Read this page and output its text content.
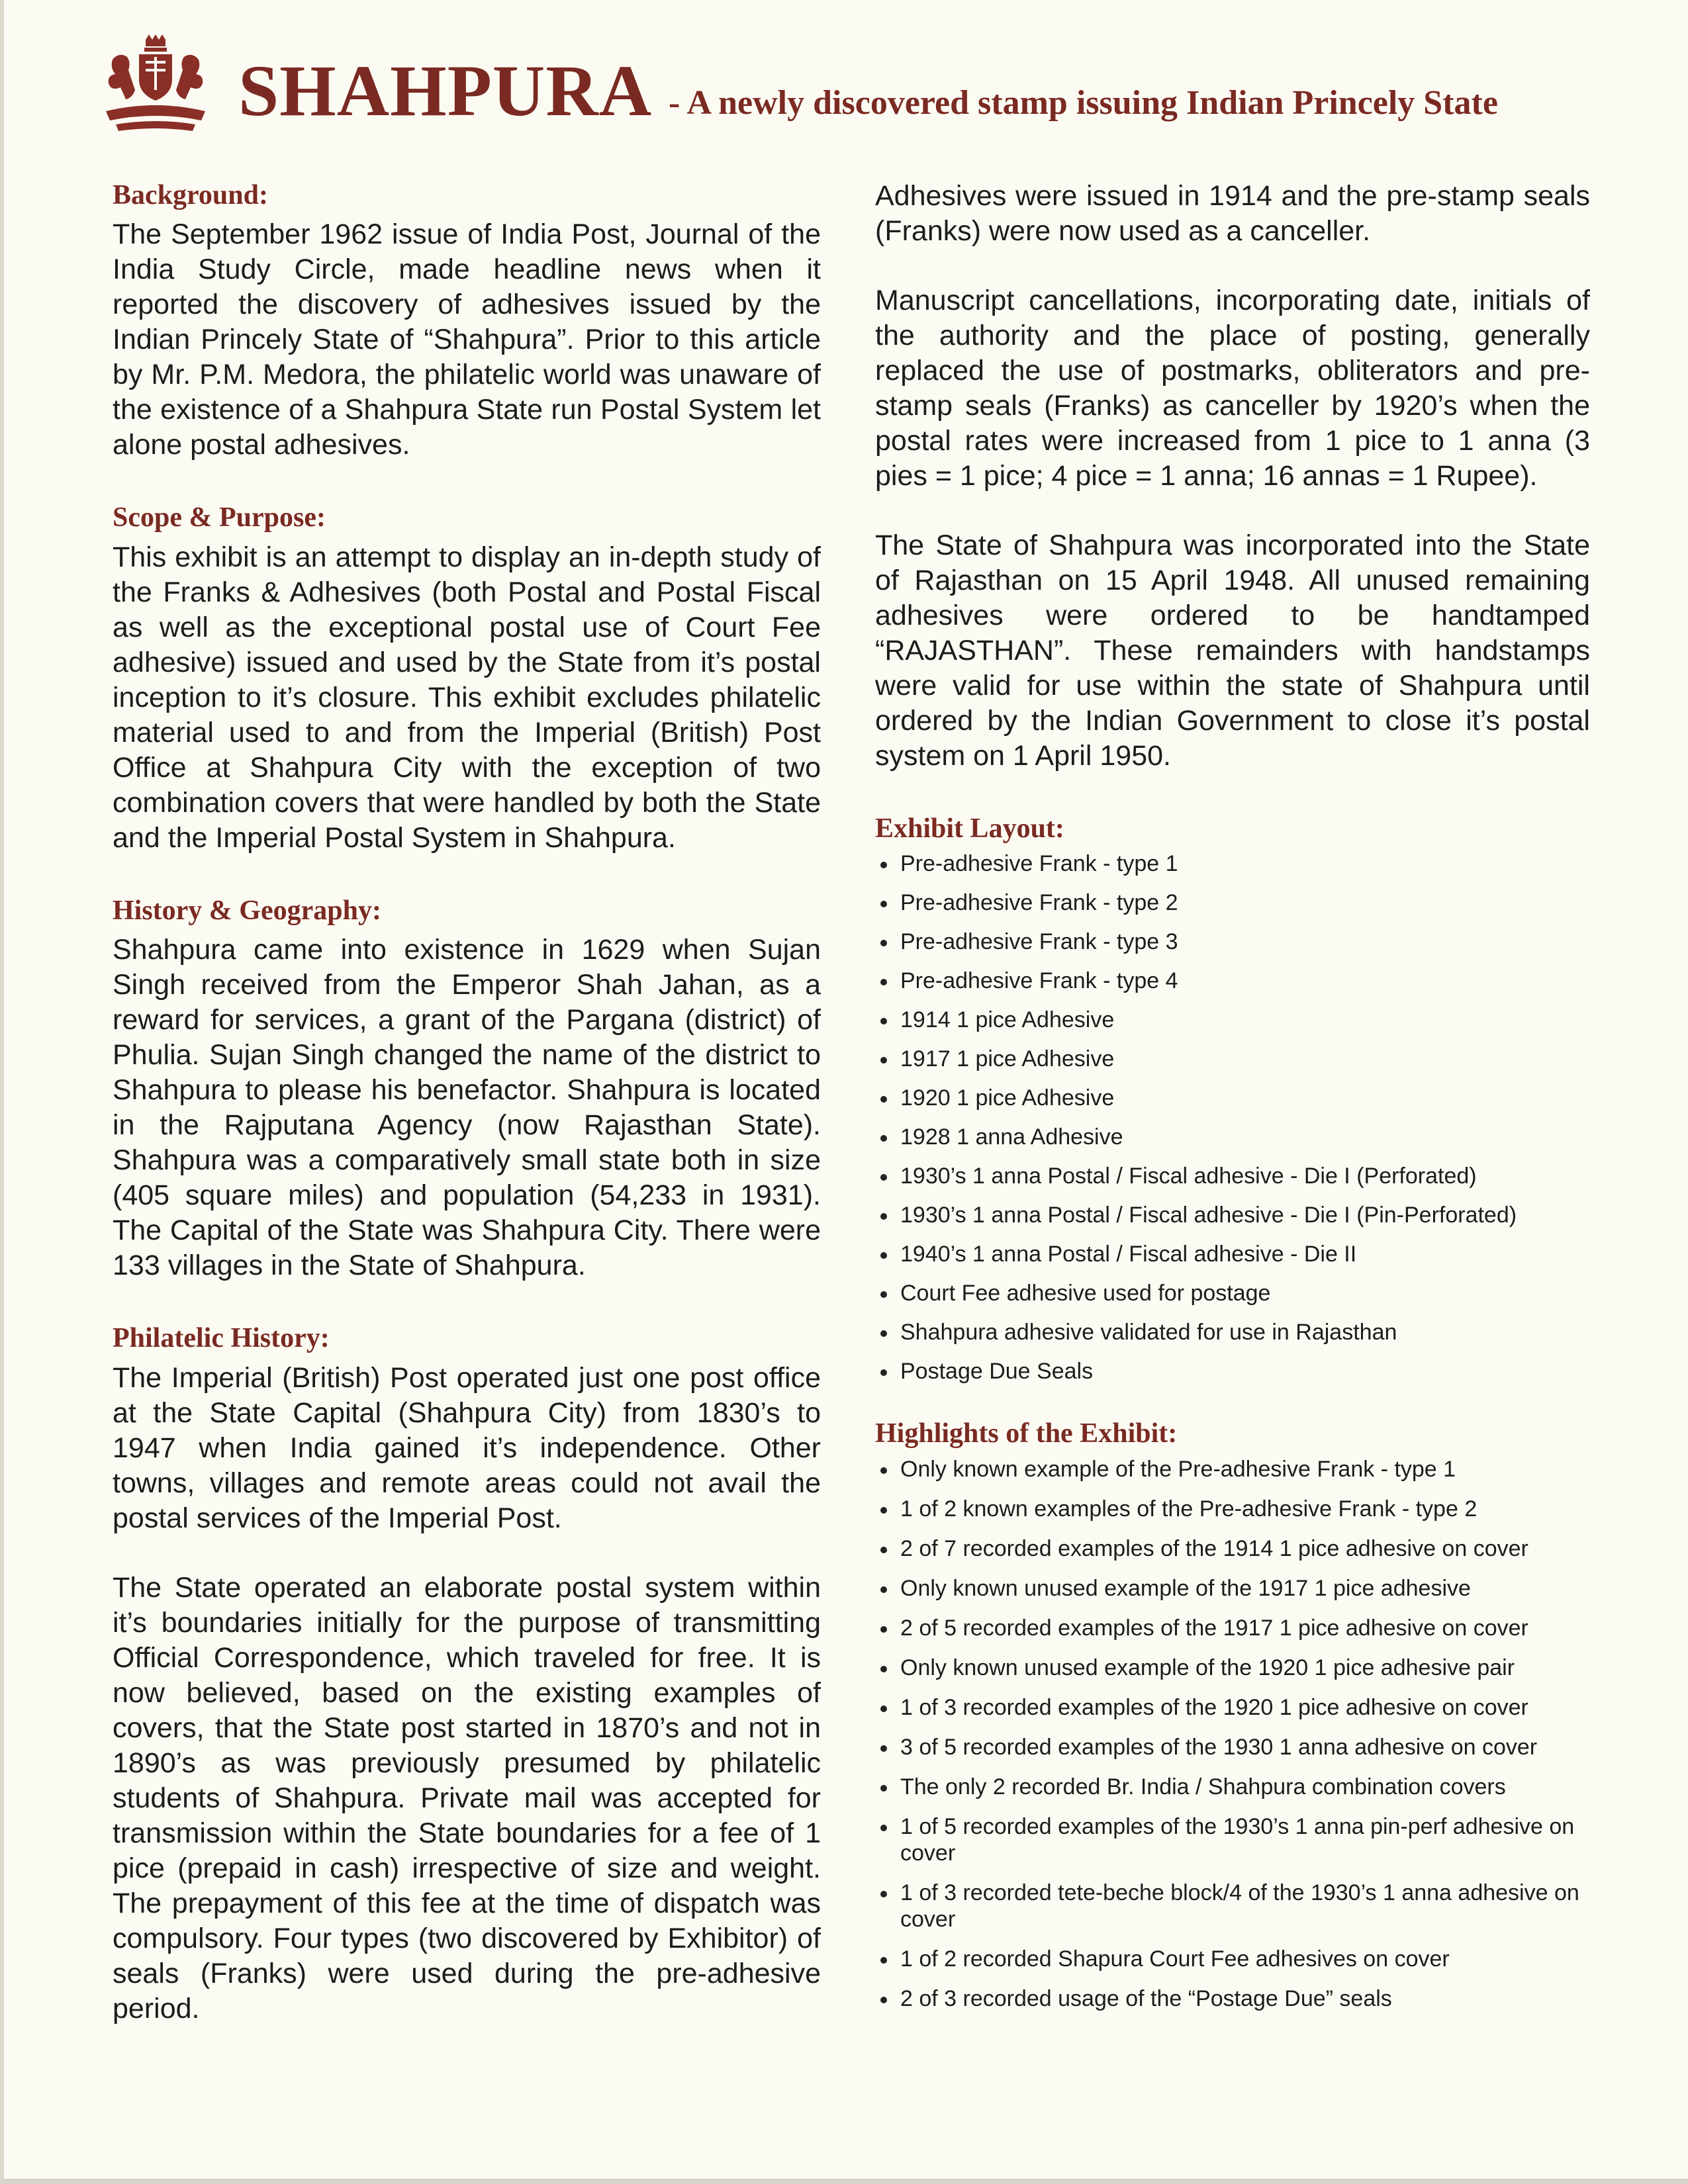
SHAHPURA - A newly discovered stamp issuing Indian Princely State
Background:

The September 1962 issue of India Post, Journal of the India Study Circle, made headline news when it reported the discovery of adhesives issued by the Indian Princely State of “Shahpura”. Prior to this article by Mr. P.M. Medora, the philatelic world was unaware of the existence of a Shahpura State run Postal System let alone postal adhesives.

Scope & Purpose:

This exhibit is an attempt to display an in-depth study of the Franks & Adhesives (both Postal and Postal Fiscal as well as the exceptional postal use of Court Fee adhesive) issued and used by the State from it’s postal inception to it’s closure. This exhibit excludes philatelic material used to and from the Imperial (British) Post Office at Shahpura City with the exception of two combination covers that were handled by both the State and the Imperial Postal System in Shahpura.

History & Geography:

Shahpura came into existence in 1629 when Sujan Singh received from the Emperor Shah Jahan, as a reward for services, a grant of the Pargana (district) of Phulia. Sujan Singh changed the name of the district to Shahpura to please his benefactor. Shahpura is located in the Rajputana Agency (now Rajasthan State). Shahpura was a comparatively small state both in size (405 square miles) and population (54,233 in 1931). The Capital of the State was Shahpura City. There were 133 villages in the State of Shahpura.

Philatelic History:

The Imperial (British) Post operated just one post office at the State Capital (Shahpura City) from 1830’s to 1947 when India gained it’s independence. Other towns, villages and remote areas could not avail the postal services of the Imperial Post.

The State operated an elaborate postal system within it’s boundaries initially for the purpose of transmitting Official Correspondence, which traveled for free. It is now believed, based on the existing examples of covers, that the State post started in 1870’s and not in 1890’s as was previously presumed by philatelic students of Shahpura. Private mail was accepted for transmission within the State boundaries for a fee of 1 pice (prepaid in cash) irrespective of size and weight. The prepayment of this fee at the time of dispatch was compulsory. Four types (two discovered by Exhibitor) of seals (Franks) were used during the pre-adhesive period.

Adhesives were issued in 1914 and the pre-stamp seals (Franks) were now used as a canceller.

Manuscript cancellations, incorporating date, initials of the authority and the place of posting, generally replaced the use of postmarks, obliterators and pre-stamp seals (Franks) as canceller by 1920’s when the postal rates were increased from 1 pice to 1 anna (3 pies = 1 pice; 4 pice = 1 anna; 16 annas = 1 Rupee).

The State of Shahpura was incorporated into the State of Rajasthan on 15 April 1948. All unused remaining adhesives were ordered to be handtamped “RAJASTHAN”. These remainders with handstamps were valid for use within the state of Shahpura until ordered by the Indian Government to close it’s postal system on 1 April 1950.

Exhibit Layout:
Pre-adhesive Frank - type 1
Pre-adhesive Frank - type 2
Pre-adhesive Frank - type 3
Pre-adhesive Frank - type 4
1914 1 pice Adhesive
1917 1 pice Adhesive
1920 1 pice Adhesive
1928 1 anna Adhesive
1930’s 1 anna Postal / Fiscal adhesive - Die I (Perforated)
1930’s 1 anna Postal / Fiscal adhesive - Die I (Pin-Perforated)
1940’s 1 anna Postal / Fiscal adhesive - Die II
Court Fee adhesive used for postage
Shahpura adhesive validated for use in Rajasthan
Postage Due Seals
Highlights of the Exhibit:
Only known example of the Pre-adhesive Frank - type 1
1 of 2 known examples of the Pre-adhesive Frank - type 2
2 of 7 recorded examples of the 1914 1 pice adhesive on cover
Only known unused example of the 1917 1 pice adhesive
2 of 5 recorded examples of the 1917 1 pice adhesive on cover
Only known unused example of the 1920 1 pice adhesive pair
1 of 3 recorded examples of the 1920 1 pice adhesive on cover
3 of 5 recorded examples of the 1930 1 anna adhesive on cover
The only 2 recorded Br. India / Shahpura combination covers
1 of 5 recorded examples of the 1930’s 1 anna pin-perf adhesive on cover
1 of 3 recorded tete-beche block/4 of the 1930’s 1 anna adhesive on cover
1 of 2 recorded Shapura Court Fee adhesives on cover
2 of 3 recorded usage of the “Postage Due” seals
